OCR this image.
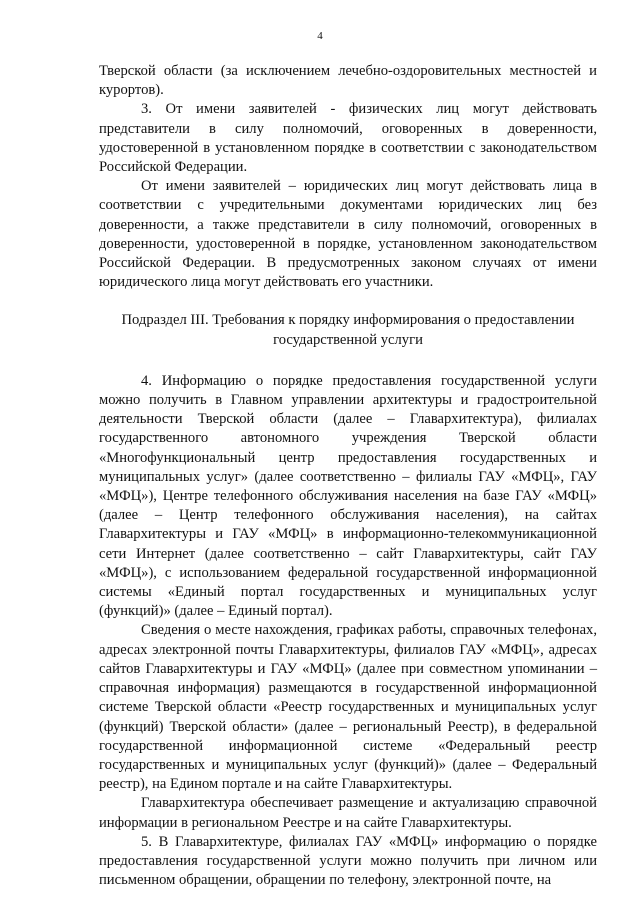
4

Тверской области (за исключением лечебно-оздоровительных местностей и курортов).

3. От имени заявителей - физических лиц могут действовать представители в силу полномочий, оговоренных в доверенности, удостоверенной в установленном порядке в соответствии с законодательством Российской Федерации.

От имени заявителей – юридических лиц могут действовать лица в соответствии с учредительными документами юридических лиц без доверенности, а также представители в силу полномочий, оговоренных в доверенности, удостоверенной в порядке, установленном законодательством Российской Федерации. В предусмотренных законом случаях от имени юридического лица могут действовать его участники.

Подраздел III. Требования к порядку информирования о предоставлении

государственной услуги

4. Информацию о порядке предоставления государственной услуги можно получить в Главном управлении архитектуры и градостроительной деятельности Тверской области (далее – Главархитектура), филиалах государственного автономного учреждения Тверской области «Многофункциональный центр предоставления государственных и муниципальных услуг» (далее соответственно – филиалы ГАУ «МФЦ», ГАУ «МФЦ»), Центре телефонного обслуживания населения на базе ГАУ «МФЦ» (далее – Центр телефонного обслуживания населения), на сайтах Главархитектуры и ГАУ «МФЦ» в информационно-телекоммуникационной сети Интернет (далее соответственно – сайт Главархитектуры, сайт ГАУ «МФЦ»), с использованием федеральной государственной информационной системы «Единый портал государственных и муниципальных услуг (функций)» (далее – Единый портал).

Сведения о месте нахождения, графиках работы, справочных телефонах, адресах электронной почты Главархитектуры, филиалов ГАУ «МФЦ», адресах сайтов Главархитектуры и ГАУ «МФЦ» (далее при совместном упоминании – справочная информация) размещаются в государственной информационной системе Тверской области «Реестр государственных и муниципальных услуг (функций) Тверской области» (далее – региональный Реестр), в федеральной государственной информационной системе «Федеральный реестр государственных и муниципальных услуг (функций)» (далее – Федеральный реестр), на Едином портале и на сайте Главархитектуры.

Главархитектура обеспечивает размещение и актуализацию справочной информации в региональном Реестре и на сайте Главархитектуры.

5. В Главархитектуре, филиалах ГАУ «МФЦ» информацию о порядке предоставления государственной услуги можно получить при личном или письменном обращении, обращении по телефону, электронной почте, на
